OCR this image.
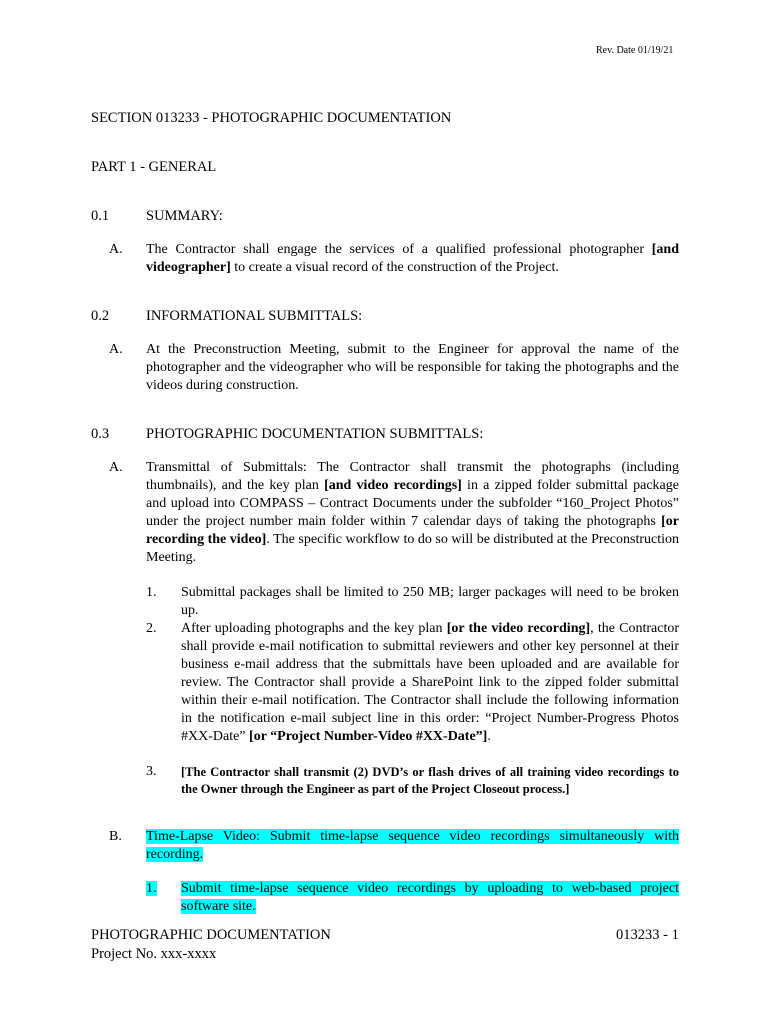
Rev. Date 01/19/21
SECTION 013233 - PHOTOGRAPHIC DOCUMENTATION
PART 1 - GENERAL
0.1	SUMMARY:
A. The Contractor shall engage the services of a qualified professional photographer [and videographer] to create a visual record of the construction of the Project.
0.2	INFORMATIONAL SUBMITTALS:
A. At the Preconstruction Meeting, submit to the Engineer for approval the name of the photographer and the videographer who will be responsible for taking the photographs and the videos during construction.
0.3	PHOTOGRAPHIC DOCUMENTATION SUBMITTALS:
A. Transmittal of Submittals: The Contractor shall transmit the photographs (including thumbnails), and the key plan [and video recordings] in a zipped folder submittal package and upload into COMPASS – Contract Documents under the subfolder “160_Project Photos” under the project number main folder within 7 calendar days of taking the photographs [or recording the video]. The specific workflow to do so will be distributed at the Preconstruction Meeting.
1. Submittal packages shall be limited to 250 MB; larger packages will need to be broken up.
2. After uploading photographs and the key plan [or the video recording], the Contractor shall provide e-mail notification to submittal reviewers and other key personnel at their business e-mail address that the submittals have been uploaded and are available for review. The Contractor shall provide a SharePoint link to the zipped folder submittal within their e-mail notification. The Contractor shall include the following information in the notification e-mail subject line in this order: “Project Number-Progress Photos #XX-Date” [or “Project Number-Video #XX-Date”].
3. [The Contractor shall transmit (2) DVD’s or flash drives of all training video recordings to the Owner through the Engineer as part of the Project Closeout process.]
B. Time-Lapse Video: Submit time-lapse sequence video recordings simultaneously with recording.
1. Submit time-lapse sequence video recordings by uploading to web-based project software site.
PHOTOGRAPHIC DOCUMENTATION
Project No. xxx-xxxx
013233 - 1
